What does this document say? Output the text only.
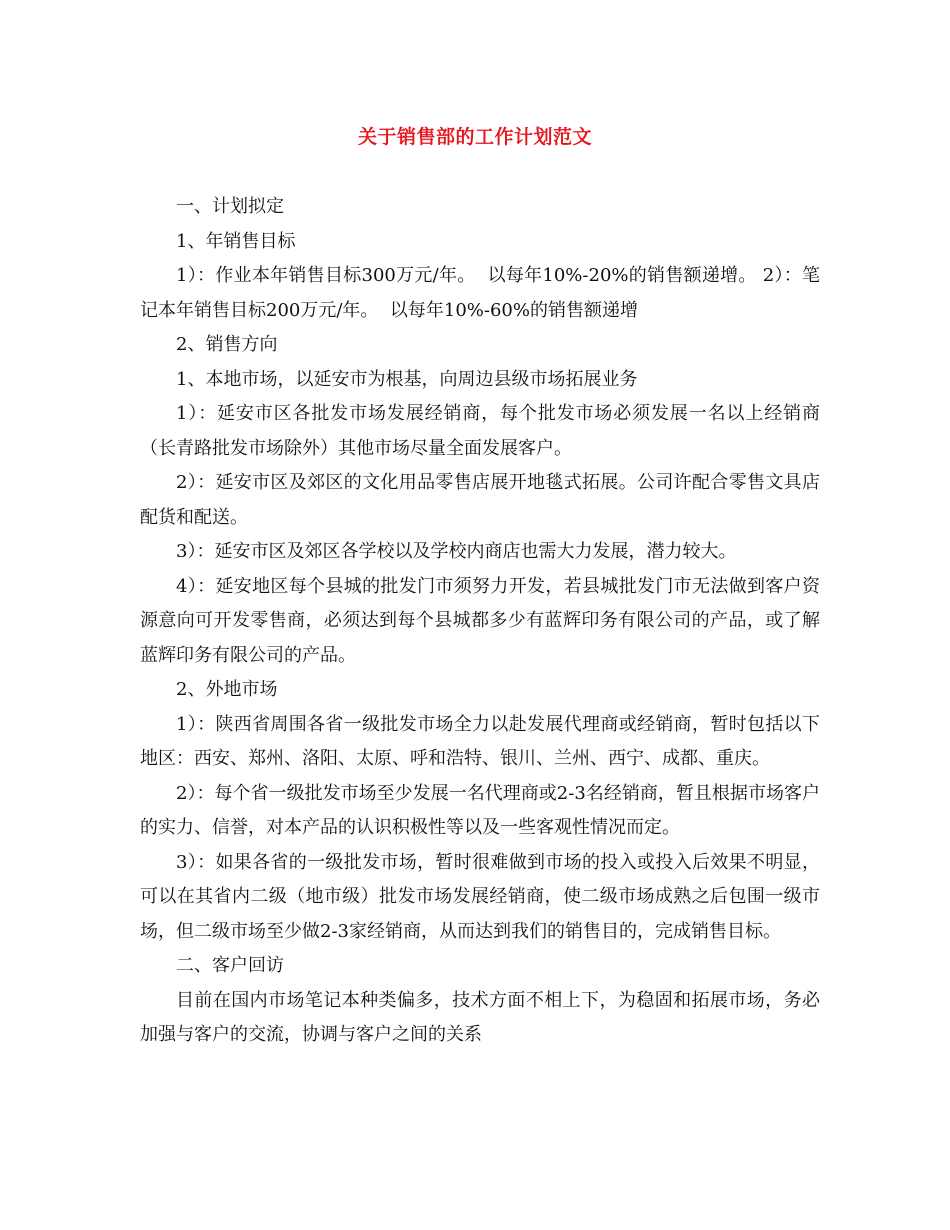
关于销售部的工作计划范文

一、计划拟定

1、年销售目标

1）：作业本年销售目标300万元/年。  以每年10%-20%的销售额递增。 2）：笔记本年销售目标200万元/年。  以每年10%-60%的销售额递增

2、销售方向

1、本地市场，以延安市为根基，向周边县级市场拓展业务

1）：延安市区各批发市场发展经销商，每个批发市场必须发展一名以上经销商（长青路批发市场除外）其他市场尽量全面发展客户。

2）：延安市区及郊区的文化用品零售店展开地毯式拓展。公司许配合零售文具店配货和配送。

3）：延安市区及郊区各学校以及学校内商店也需大力发展，潜力较大。

4）：延安地区每个县城的批发门市须努力开发，若县城批发门市无法做到客户资源意向可开发零售商，必须达到每个县城都多少有蓝辉印务有限公司的产品，或了解蓝辉印务有限公司的产品。

2、外地市场

1）：陕西省周围各省一级批发市场全力以赴发展代理商或经销商，暂时包括以下地区：西安、郑州、洛阳、太原、呼和浩特、银川、兰州、西宁、成都、重庆。

2）：每个省一级批发市场至少发展一名代理商或2-3名经销商，暂且根据市场客户的实力、信誉，对本产品的认识积极性等以及一些客观性情况而定。

3）：如果各省的一级批发市场，暂时很难做到市场的投入或投入后效果不明显，可以在其省内二级（地市级）批发市场发展经销商，使二级市场成熟之后包围一级市场，但二级市场至少做2-3家经销商，从而达到我们的销售目的，完成销售目标。

二、客户回访

目前在国内市场笔记本种类偏多，技术方面不相上下，为稳固和拓展市场，务必加强与客户的交流，协调与客户之间的关系
